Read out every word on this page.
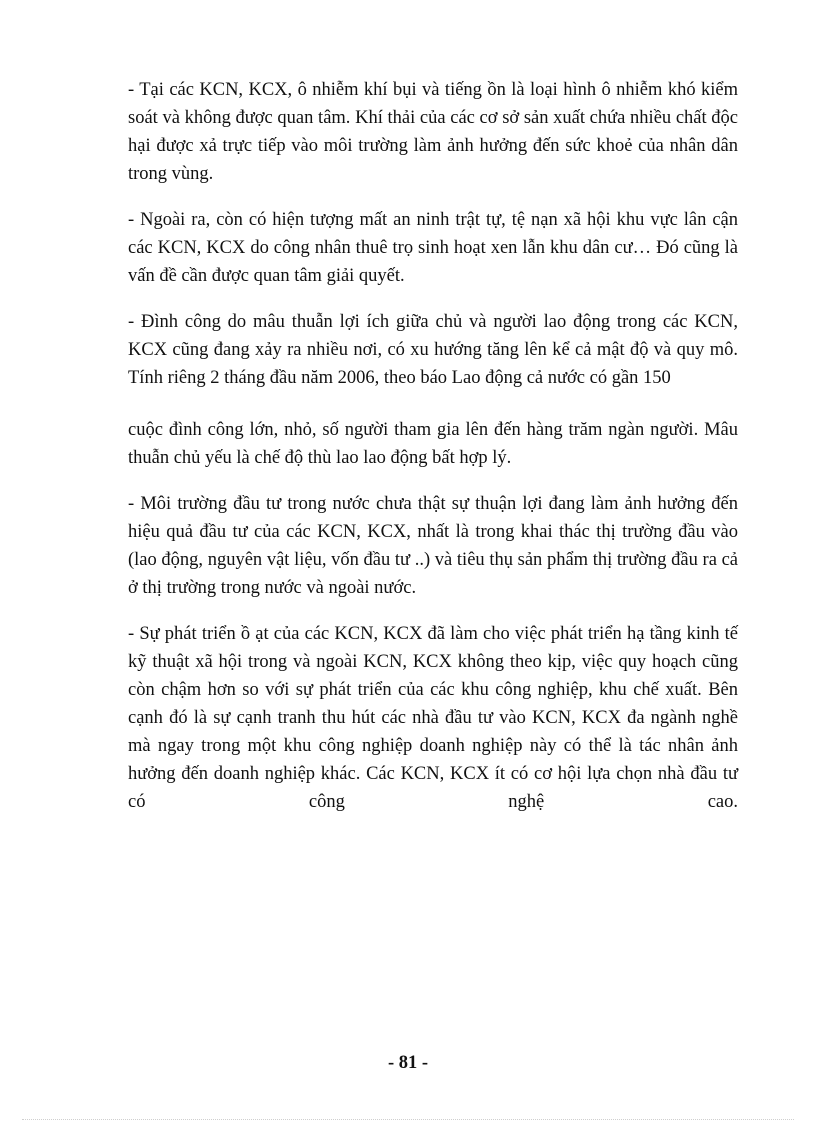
- Tại các KCN, KCX, ô nhiễm khí bụi và tiếng ồn là loại hình ô nhiễm khó kiểm soát và không được quan tâm. Khí thải của các cơ sở sản xuất chứa nhiều chất độc hại được xả trực tiếp vào môi trường làm ảnh hưởng đến sức khoẻ của nhân dân trong vùng.

- Ngoài ra, còn có hiện tượng mất an ninh trật tự, tệ nạn xã hội khu vực lân cận các KCN, KCX do công nhân thuê trọ sinh hoạt xen lẫn khu dân cư… Đó cũng là vấn đề cần được quan tâm giải quyết.

- Đình công do mâu thuẫn lợi ích giữa chủ và người lao động trong các KCN, KCX cũng đang xảy ra nhiều nơi, có xu hướng tăng lên kể cả mật độ và quy mô. Tính riêng 2 tháng đầu năm 2006, theo báo Lao động cả nước có gần 150

cuộc đình công lớn, nhỏ, số người tham gia lên đến hàng trăm ngàn người. Mâu thuẫn chủ yếu là chế độ thù lao lao động bất hợp lý.

- Môi trường đầu tư trong nước chưa thật sự thuận lợi đang làm ảnh hưởng đến hiệu quả đầu tư của các KCN, KCX, nhất là trong khai thác thị trường đầu vào (lao động, nguyên vật liệu, vốn đầu tư ..) và tiêu thụ sản phẩm thị trường đầu ra cả ở thị trường trong nước và ngoài nước.

- Sự phát triển ồ ạt của các KCN, KCX đã làm cho việc phát triển hạ tầng kinh tế kỹ thuật xã hội trong và ngoài KCN, KCX không theo kịp, việc quy hoạch cũng còn chậm hơn so với sự phát triển của các khu công nghiệp, khu chế xuất. Bên cạnh đó là sự cạnh tranh thu hút các nhà đầu tư vào KCN, KCX đa ngành nghề mà ngay trong một khu công nghiệp doanh nghiệp này có thể là tác nhân ảnh hưởng đến doanh nghiệp khác. Các KCN, KCX ít có cơ hội lựa chọn nhà đầu tư có công nghệ cao.

- 81 -
